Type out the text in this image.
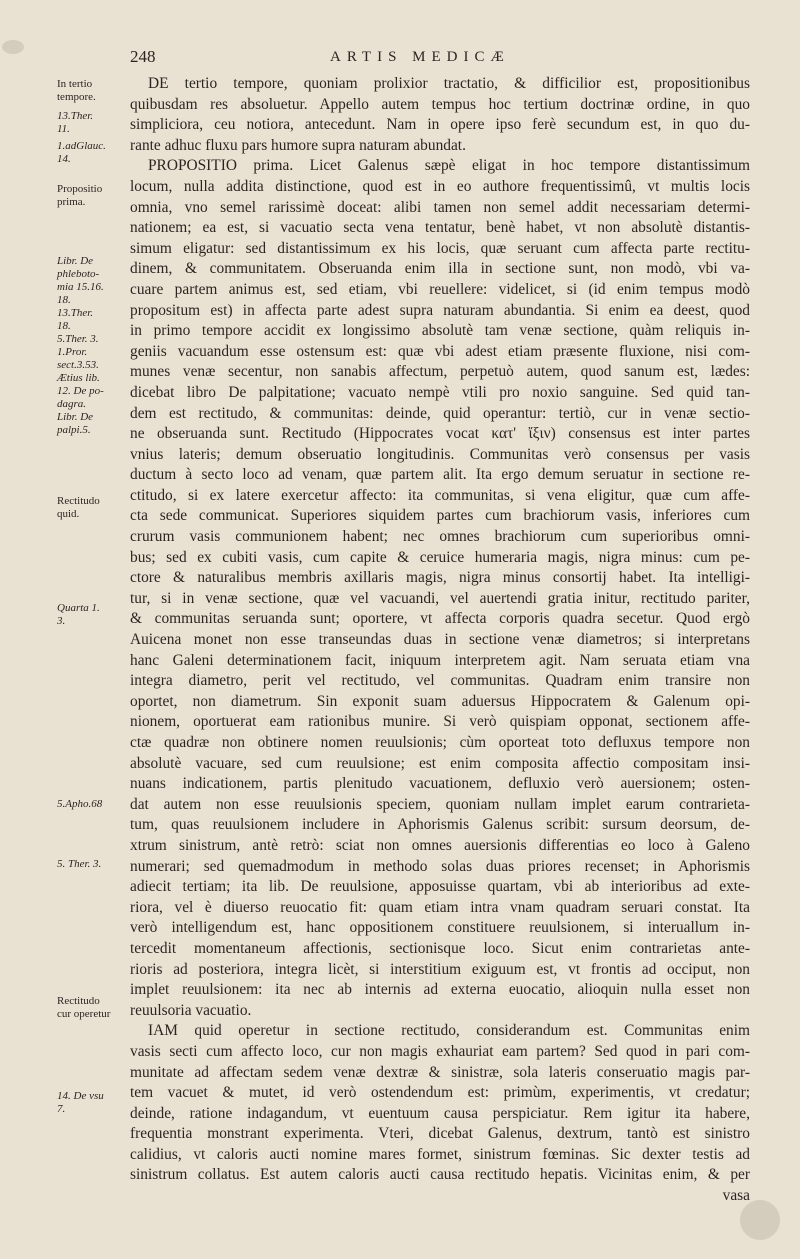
248	ARTIS MEDICÆ
In tertio
tempore.
13.Ther.
11.
1.adGlauc.
14.
Propositio
prima.
Libr. De
phleboto-
mia 15.16.
18.
13.Ther.
18.
5.Ther. 3.
1.Pror.
sect.3.53.
Ætius lib.
12. De po-
dagra.
Libr. De
palpi.5.
Rectitudo
quid.
Quarta 1.
3.
5.Apho.68
5. Ther. 3.
Rectitudo
cur operetur
14. De vsu
7.
DE tertio tempore, quoniam prolixior tractatio, & difficilior est, propositionibus
quibusdam res absoluetur. Appello autem tempus hoc tertium doctrinæ ordine, in quo
simpliciora, ceu notiora, antecedunt. Nam in opere ipso ferè secundum est, in quo du-
rante adhuc fluxu pars humore supra naturam abundat.
PROPOSITIO prima. Licet Galenus sæpè eligat in hoc tempore distantissimum
locum, nulla addita distinctione, quod est in eo authore frequentissimû, vt multis locis
omnia, vno semel rarissimè doceat: alibi tamen non semel addit necessariam determi-
nationem; ea est, si vacuatio secta vena tentatur, benè habet, vt non absolutè distantis-
simum eligatur: sed distantissimum ex his locis, quæ seruant cum affecta parte rectitu-
dinem, & communitatem. Obseruanda enim illa in sectione sunt, non modò, vbi va-
cuare partem animus est, sed etiam, vbi reuellere: videlicet, si (id enim tempus modò
propositum est) in affecta parte adest supra naturam abundantia. Si enim ea deest, quod
in primo tempore accidit ex longissimo absolutè tam venæ sectione, quàm reliquis in-
geniis vacuandum esse ostensum est: quæ vbi adest etiam præsente fluxione, nisi com-
munes venæ secentur, non sanabis affectum, perpetuò autem, quod sanum est, lædes:
dicebat libro De palpitatione; vacuato nempè vtili pro noxio sanguine. Sed quid tan-
dem est rectitudo, & communitas: deinde, quid operantur: tertiò, cur in venæ sectio-
ne obseruanda sunt. Rectitudo (Hippocrates vocat κατ' ἴξιν) consensus est inter partes
vnius lateris; demum obseruatio longitudinis. Communitas verò consensus per vasis
ductum à secto loco ad venam, quæ partem alit. Ita ergo demum seruatur in sectione re-
ctitudo, si ex latere exercetur affecto: ita communitas, si vena eligitur, quæ cum affe-
cta sede communicat. Superiores siquidem partes cum brachiorum vasis, inferiores cum
crurum vasis communionem habent; nec omnes brachiorum cum superioribus omni-
bus; sed ex cubiti vasis, cum capite & ceruice humeraria magis, nigra minus: cum pe-
ctore & naturalibus membris axillaris magis, nigra minus consortij habet. Ita intelligi-
tur, si in venæ sectione, quæ vel vacuandi, vel auertendi gratia initur, rectitudo pariter,
& communitas seruanda sunt; oportere, vt affecta corporis quadra secetur. Quod ergò
Auicena monet non esse transeundas duas in sectione venæ diametros; si interpretans
hanc Galeni determinationem facit, iniquum interpretem agit. Nam seruata etiam vna
integra diametro, perit vel rectitudo, vel communitas. Quadram enim transire non
oportet, non diametrum. Sin exponit suam aduersus Hippocratem & Galenum opi-
nionem, oportuerat eam rationibus munire. Si verò quispiam opponat, sectionem affe-
ctæ quadræ non obtinere nomen reuulsionis; cùm oporteat toto defluxus tempore non
absolutè vacuare, sed cum reuulsione; est enim composita affectio compositam insi-
nuans indicationem, partis plenitudo vacuationem, defluxio verò auersionem; osten-
dat autem non esse reuulsionis speciem, quoniam nullam implet earum contrarieta-
tum, quas reuulsionem includere in Aphorismis Galenus scribit: sursum deorsum, de-
xtrum sinistrum, antè retrò: sciat non omnes auersionis differentias eo loco à Galeno
numerari; sed quemadmodum in methodo solas duas priores recenset; in Aphorismis
adiecit tertiam; ita lib. De reuulsione, apposuisse quartam, vbi ab interioribus ad exte-
riora, vel è diuerso reuocatio fit: quam etiam intra vnam quadram seruari constat. Ita
verò intelligendum est, hanc oppositionem constituere reuulsionem, si interuallum in-
tercedit momentaneum affectionis, sectionisque loco. Sicut enim contrarietas ante-
rioris ad posteriora, integra licèt, si interstitium exiguum est, vt frontis ad occiput, non
implet reuulsionem: ita nec ab internis ad externa euocatio, alioquin nulla esset non
reuulsoria vacuatio.
IAM quid operetur in sectione rectitudo, considerandum est. Communitas enim
vasis secti cum affecto loco, cur non magis exhauriat eam partem? Sed quod in pari com-
munitate ad affectam sedem venæ dextræ & sinistræ, sola lateris conseruatio magis par-
tem vacuet & mutet, id verò ostendendum est: primùm, experimentis, vt credatur;
deinde, ratione indagandum, vt euentuum causa perspiciatur. Rem igitur ita habere,
frequentia monstrant experimenta. Vteri, dicebat Galenus, dextrum, tantò est sinistro
calidius, vt caloris aucti nomine mares formet, sinistrum fœminas. Sic dexter testis ad
sinistrum collatus. Est autem caloris aucti causa rectitudo hepatis. Vicinitas enim, & per
vasa
